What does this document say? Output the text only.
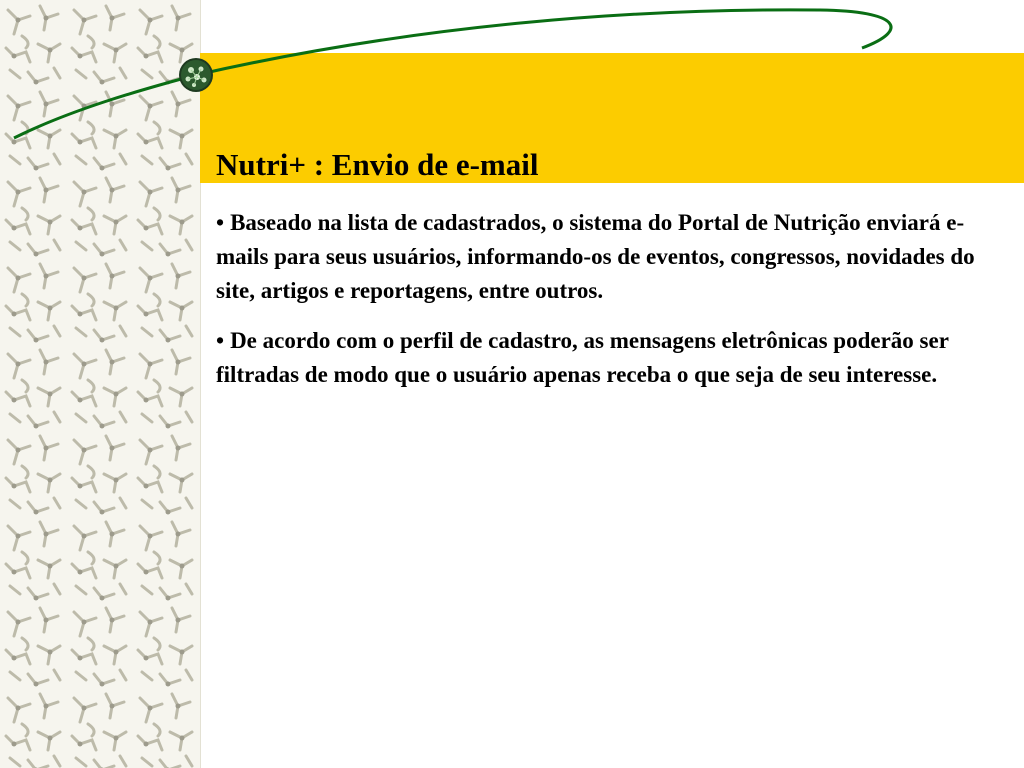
Nutri+ : Envio de e-mail

• Baseado na lista de cadastrados, o sistema do Portal de Nutrição enviará e-mails para seus usuários, informando-os de eventos, congressos, novidades do site, artigos e reportagens, entre outros.

• De acordo com o perfil de cadastro, as mensagens eletrônicas poderão ser filtradas de modo que o usuário apenas receba o que seja de seu interesse.
